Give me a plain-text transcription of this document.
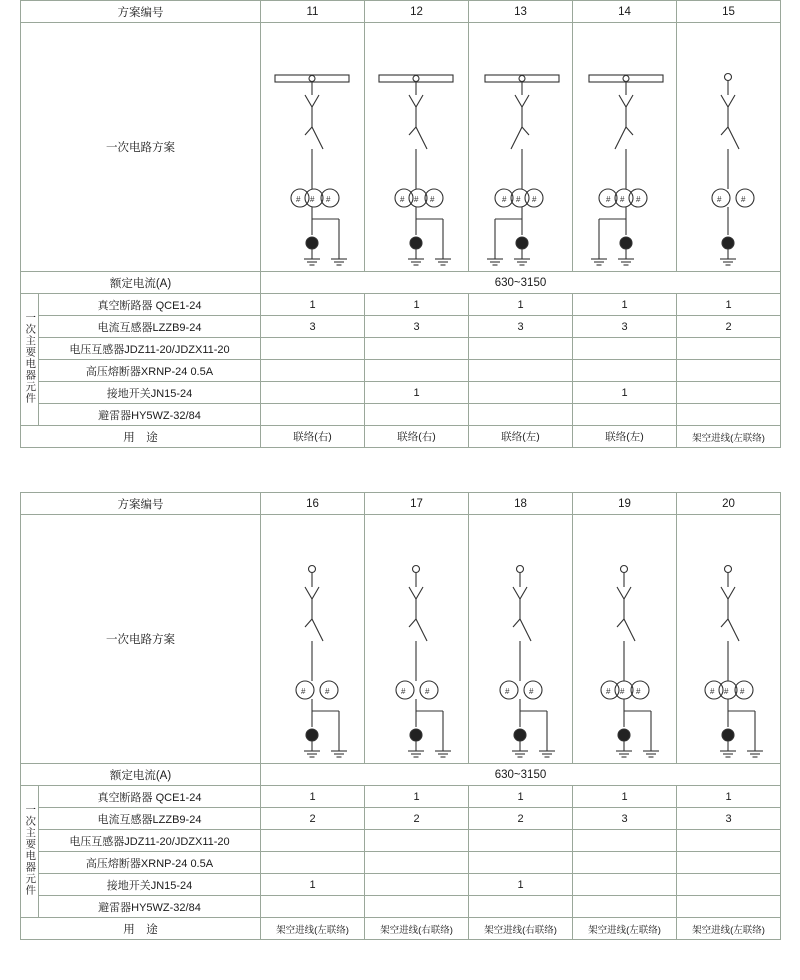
方案编号		11	12	13	14	15
一次电路方案		# # #	# # #	# # #	# # #	# #

额定电流(A)		630~3150				
一次主要电器元件	真空断路器 QCE1-24	1	1	1	1	1
	电流互感器LZZB9-24	3	3	3	3	2
	电压互感器JDZ11-20/JDZX11-20					
	高压熔断器XRNP-24 0.5A					
	接地开关JN15-24		1		1	
	避雷器HY5WZ-32/84					
用　途		联络(右)	联络(右)	联络(左)	联络(左)	架空进线(左联络)
方案编号		16	17	18	19	20
一次电路方案		# #	# #	# #	# # #	# # #

额定电流(A)		630~3150				
一次主要电器元件	真空断路器 QCE1-24	1	1	1	1	1
	电流互感器LZZB9-24	2	2	2	3	3
	电压互感器JDZ11-20/JDZX11-20					
	高压熔断器XRNP-24 0.5A					
	接地开关JN15-24	1		1		
	避雷器HY5WZ-32/84					
用　途		架空进线(左联络)	架空进线(右联络)	架空进线(右联络)	架空进线(左联络)	架空进线(左联络)
